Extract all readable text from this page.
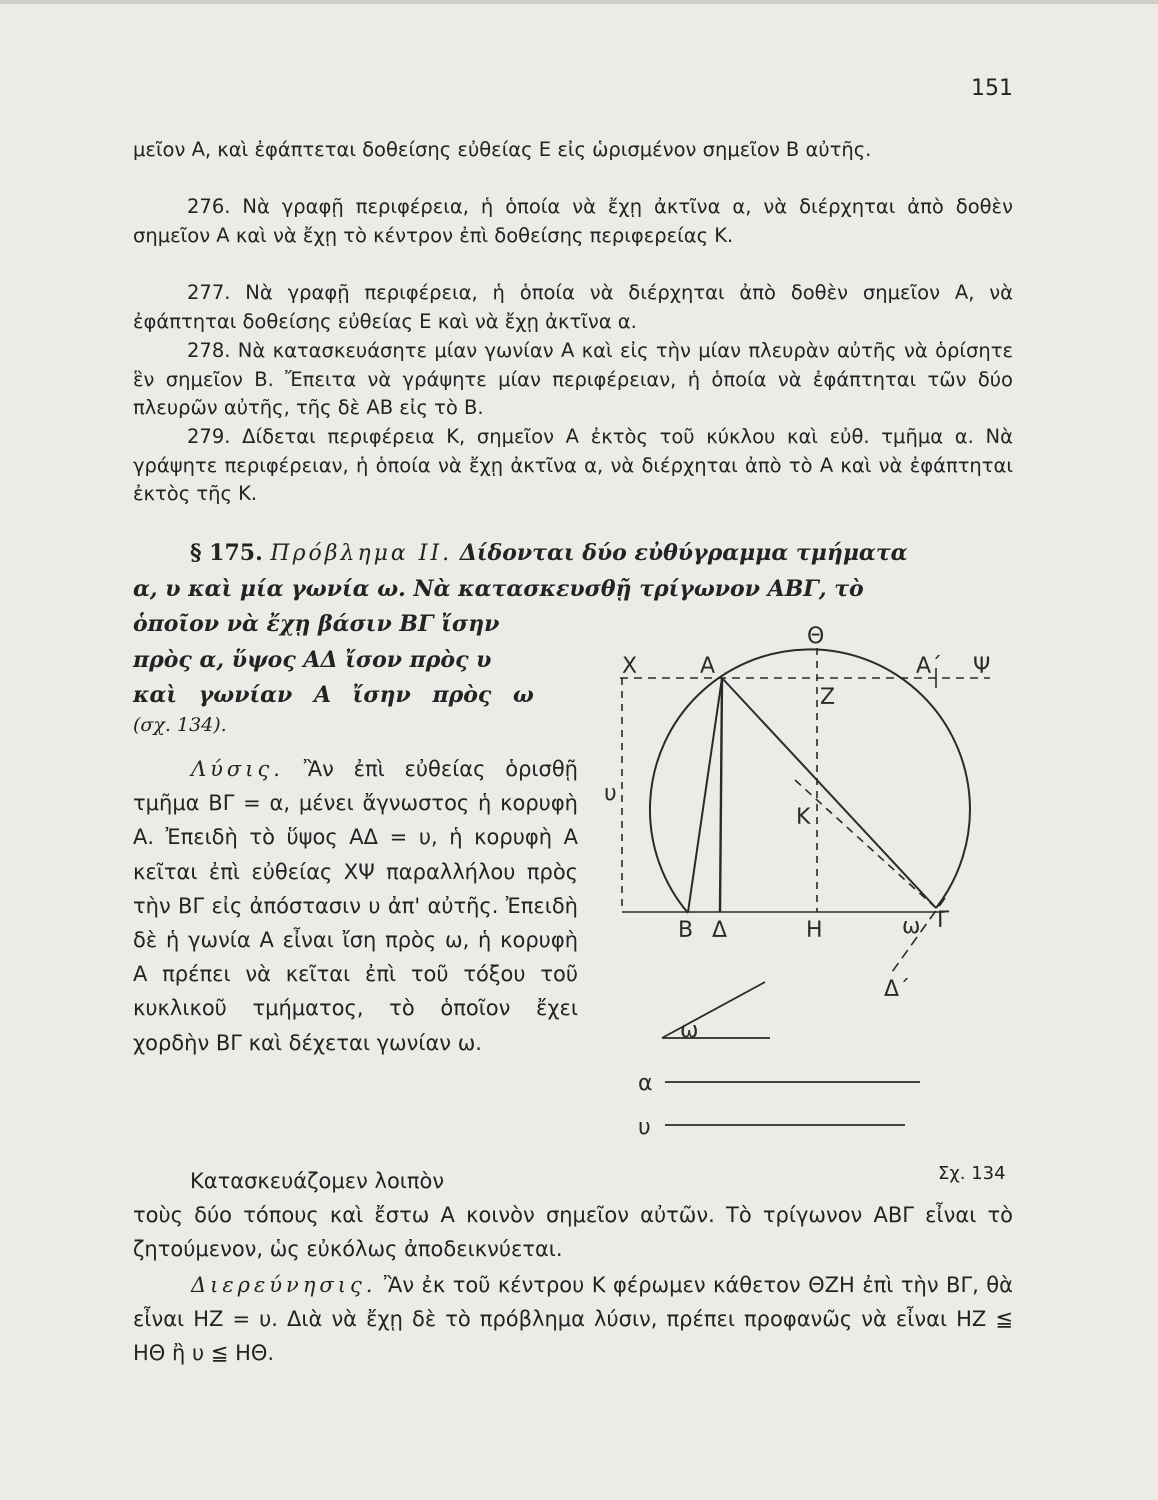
151

μεῖον Α, καὶ ἐφάπτεται δοθείσης εὐθείας Ε εἰς ὡρισμένον σημεῖον Β αὐτῆς.

276. Νὰ γραφῇ περιφέρεια, ἡ ὁποία νὰ ἔχῃ ἀκτῖνα α, νὰ διέρχηται ἀπὸ δοθὲν σημεῖον Α καὶ νὰ ἔχῃ τὸ κέντρον ἐπὶ δοθείσης περιφερείας Κ.

277. Νὰ γραφῇ περιφέρεια, ἡ ὁποία νὰ διέρχηται ἀπὸ δοθὲν σημεῖον Α, νὰ ἐφάπτηται δοθείσης εὐθείας Ε καὶ νὰ ἔχῃ ἀκτῖνα α.

278. Νὰ κατασκευάσητε μίαν γωνίαν Α καὶ εἰς τὴν μίαν πλευρὰν αὐτῆς νὰ ὁρίσητε ἓν σημεῖον Β. Ἔπειτα νὰ γράψητε μίαν περιφέρειαν, ἡ ὁποία νὰ ἐφάπτηται τῶν δύο πλευρῶν αὐτῆς, τῆς δὲ ΑΒ εἰς τὸ Β.

279. Δίδεται περιφέρεια Κ, σημεῖον Α ἐκτὸς τοῦ κύκλου καὶ εὐθ. τμῆμα α. Νὰ γράψητε περιφέρειαν, ἡ ὁποία νὰ ἔχῃ ἀκτῖνα α, νὰ διέρχηται ἀπὸ τὸ Α καὶ νὰ ἐφάπτηται ἐκτὸς τῆς Κ.

§ 175. Πρόβλημα ΙΙ. Δίδονται δύο εὐθύγραμμα τμήματα
α, υ καὶ μία γωνία ω. Νὰ κατασκευσθῇ τρίγωνον ΑΒΓ, τὸ
ὁποῖον νὰ ἔχῃ βάσιν ΒΓ ἴσην
πρὸς α, ὕψος ΑΔ ἴσον πρὸς υ
καὶ γωνίαν Α ἴσην πρὸς ω
(σχ. 134).
Λύσις. Ἂν ἐπὶ εὐθείας ὁρισθῇ τμῆμα ΒΓ = α, μένει ἄγνωστος ἡ κορυφὴ Α. Ἐπειδὴ τὸ ὕψος ΑΔ = υ, ἡ κορυφὴ Α κεῖται ἐπὶ εὐθείας ΧΨ παραλλήλου πρὸς τὴν ΒΓ εἰς ἀπόστασιν υ ἀπ' αὐτῆς. Ἐπειδὴ δὲ ἡ γωνία Α εἶναι ἴση πρὸς ω, ἡ κορυφὴ Α πρέπει νὰ κεῖται ἐπὶ τοῦ τόξου τοῦ κυκλικοῦ τμήματος, τὸ ὁποῖον ἔχει χορδὴν ΒΓ καὶ δέχεται γωνίαν ω.
Κατασκευάζομεν λοιπὸν
τοὺς δύο τόπους καὶ ἔστω Α κοινὸν σημεῖον αὐτῶν. Τὸ τρίγωνον ΑΒΓ εἶναι τὸ ζητούμενον, ὡς εὐκόλως ἀποδεικνύεται.
Διερεύνησις. Ἂν ἐκ τοῦ κέντρου Κ φέρωμεν κάθετον ΘΖΗ ἐπὶ τὴν ΒΓ, θὰ εἶναι ΗΖ = υ. Διὰ νὰ ἔχῃ δὲ τὸ πρόβλημα λύσιν, πρέπει προφανῶς νὰ εἶναι ΗΖ ≦ ΗΘ ἢ υ ≦ ΗΘ.
Χ	Α
Θ
Α΄ Ψ
Ζ
υ
Κ
Β Δ	Η	ω Γ
Δ΄
ω
α
υ
Σχ. 134
